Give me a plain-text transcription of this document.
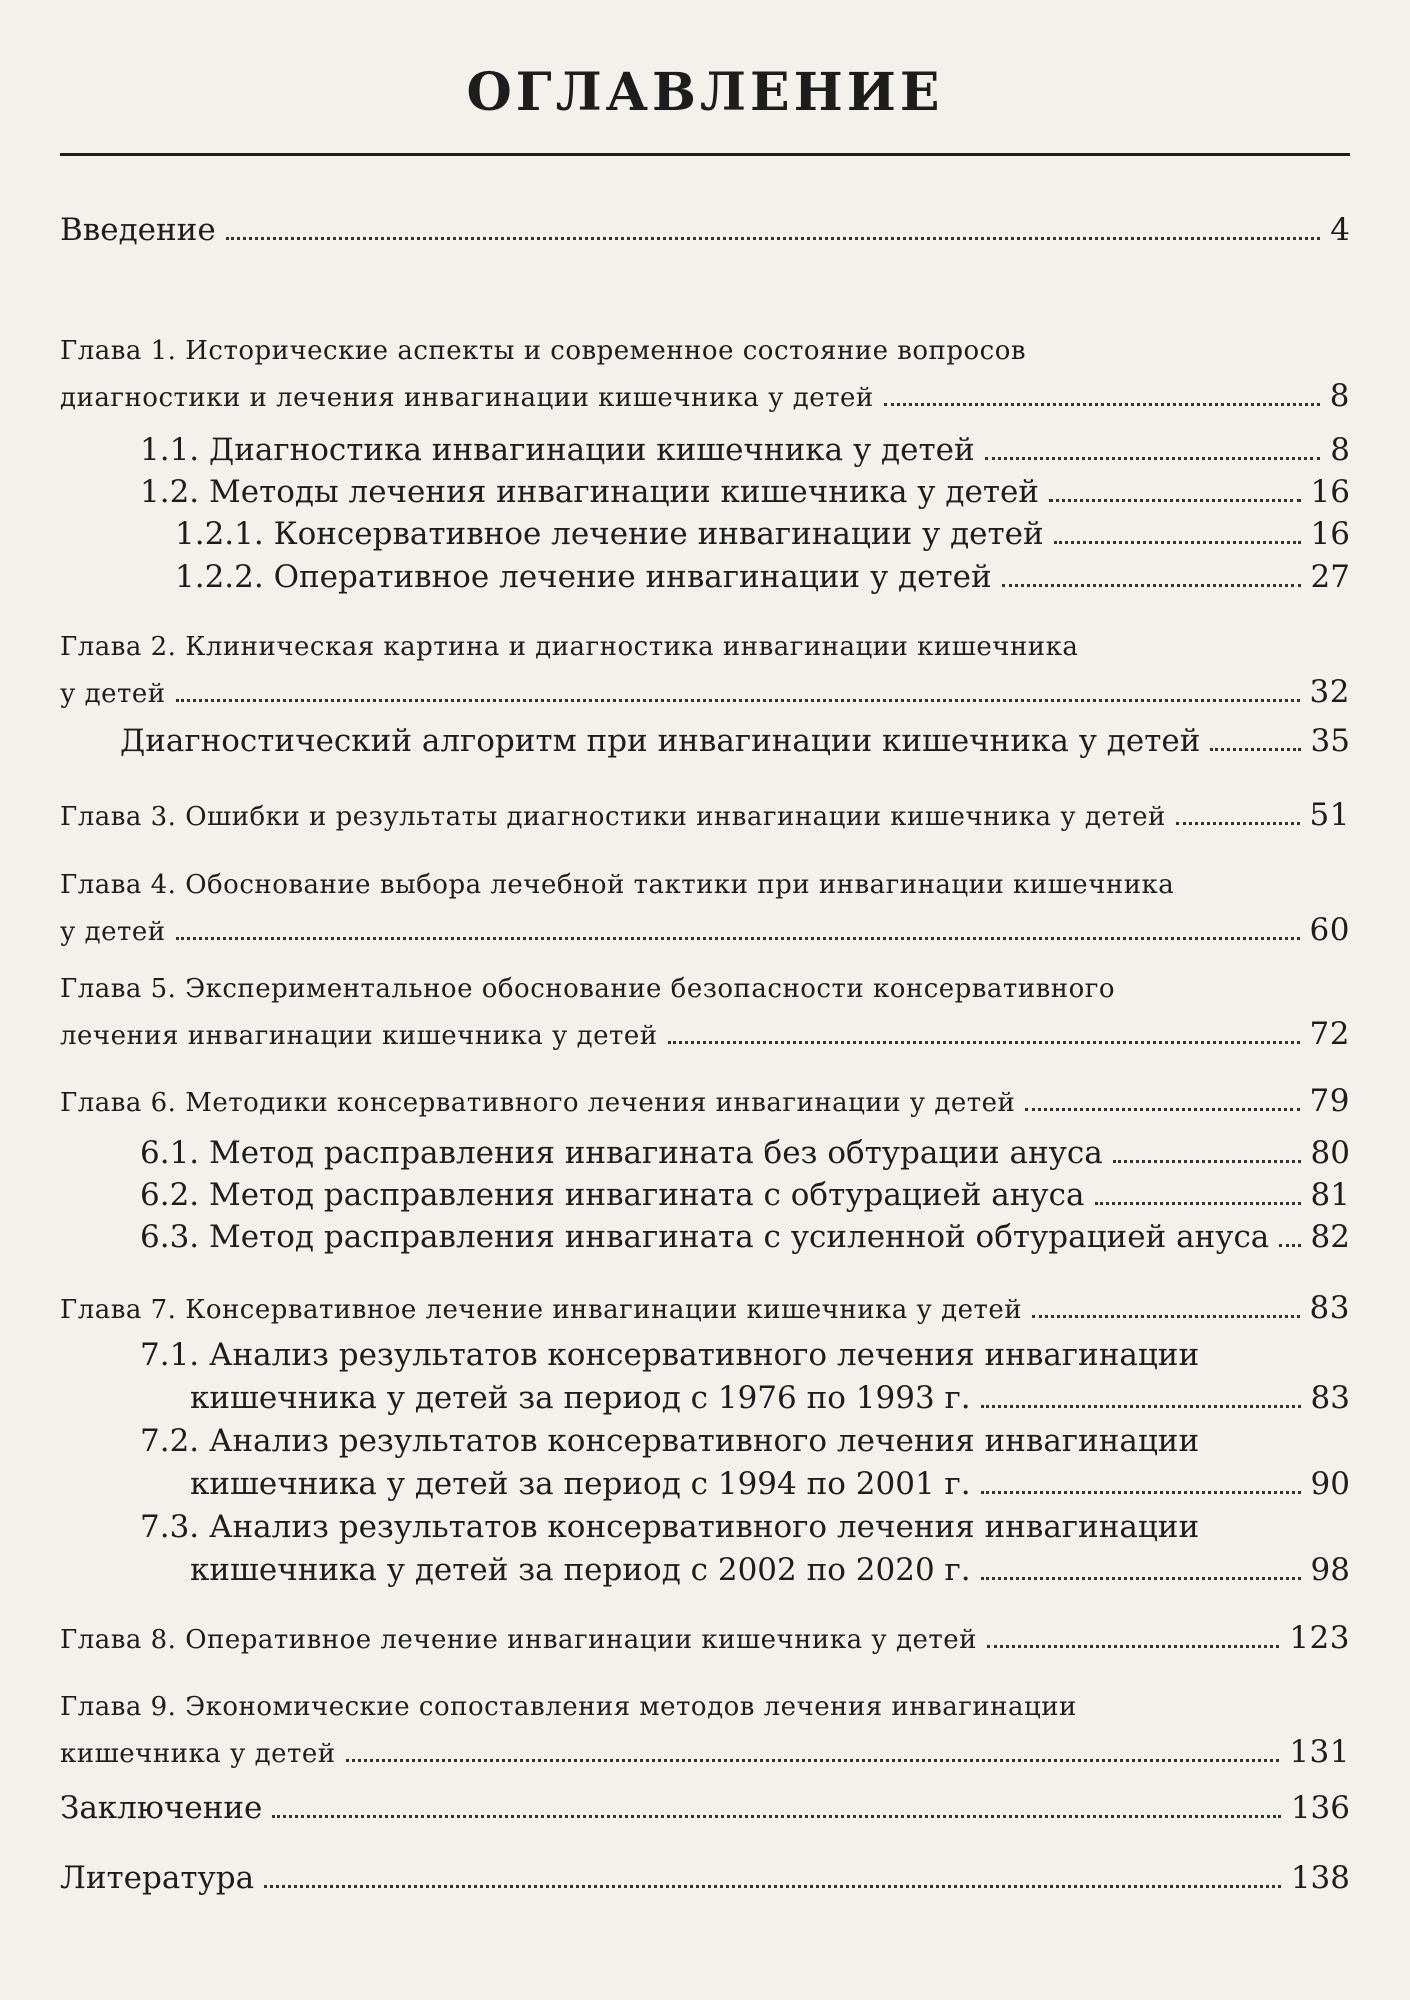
ОГЛАВЛЕНИЕ
Введение	4
Глава 1. Исторические аспекты и современное состояние вопросов
диагностики и лечения инвагинации кишечника у детей	8
1.1. Диагностика инвагинации кишечника у детей	8
1.2. Методы лечения инвагинации кишечника у детей	16
1.2.1. Консервативное лечение инвагинации у детей	16
1.2.2. Оперативное лечение инвагинации у детей	27
Глава 2. Клиническая картина и диагностика инвагинации кишечника
у детей	32
Диагностический алгоритм при инвагинации кишечника у детей	35
Глава 3. Ошибки и результаты диагностики инвагинации кишечника у детей	51
Глава 4. Обоснование выбора лечебной тактики при инвагинации кишечника
у детей	60
Глава 5. Экспериментальное обоснование безопасности консервативного
лечения инвагинации кишечника у детей	72
Глава 6. Методики консервативного лечения инвагинации у детей	79
6.1. Метод расправления инвагината без обтурации ануса	80
6.2. Метод расправления инвагината с обтурацией ануса	81
6.3. Метод расправления инвагината с усиленной обтурацией ануса 82
Глава 7. Консервативное лечение инвагинации кишечника у детей	83
7.1. Анализ результатов консервативного лечения инвагинации
кишечника у детей за период с 1976 по 1993 г.	83
7.2. Анализ результатов консервативного лечения инвагинации
кишечника у детей за период с 1994 по 2001 г.	90
7.3. Анализ результатов консервативного лечения инвагинации
кишечника у детей за период с 2002 по 2020 г.	98
Глава 8. Оперативное лечение инвагинации кишечника у детей	123
Глава 9. Экономические сопоставления методов лечения инвагинации
кишечника у детей	131
Заключение	136
Литература	138
